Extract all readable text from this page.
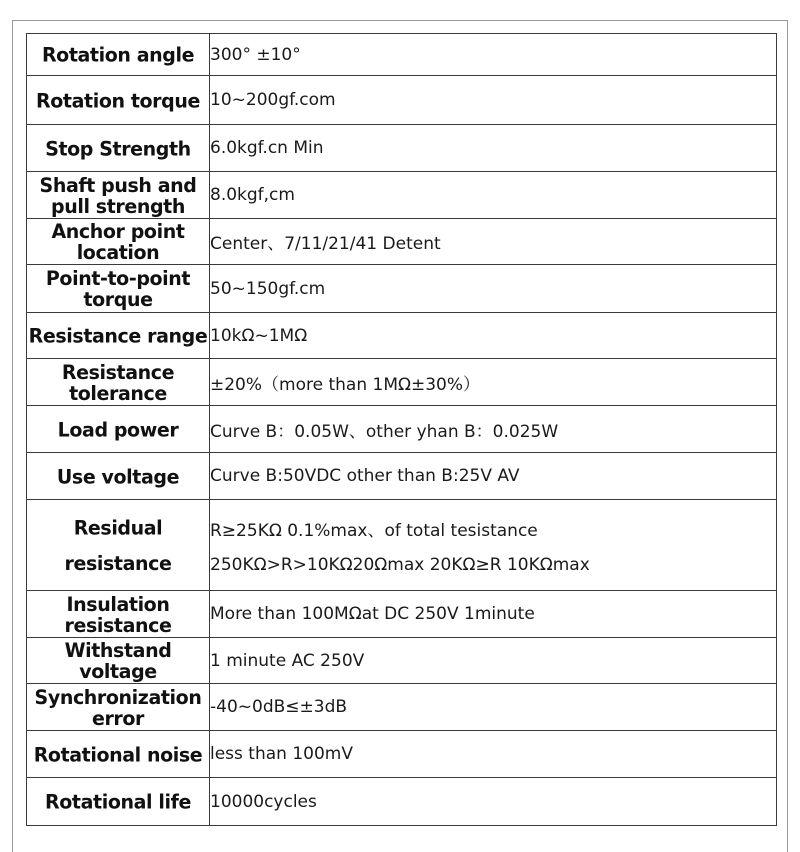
Rotation angle	300° ±10°

Rotation torque	10~200gf.com

Stop Strength	6.0kgf.cn Min

Shaft push and
pull strength	8.0kgf,cm

Anchor point
location	Center、7/11/21/41 Detent

Point-to-point
torque	50~150gf.cm

Resistance range	10kΩ~1MΩ

Resistance
tolerance	±20%（more than 1MΩ±30%）

Load power	Curve B：0.05W、other yhan B：0.025W

Use voltage	Curve B:50VDC other than B:25V AV

Residual
resistance	R≥25KΩ 0.1%max、of total tesistance
250KΩ>R>10KΩ20Ωmax 20KΩ≥R 10KΩmax

Insulation
resistance	More than 100MΩat DC 250V 1minute

Withstand voltage	1 minute AC 250V

Synchronization
error	-40~0dB≤±3dB

Rotational noise	less than 100mV

Rotational life	10000cycles
